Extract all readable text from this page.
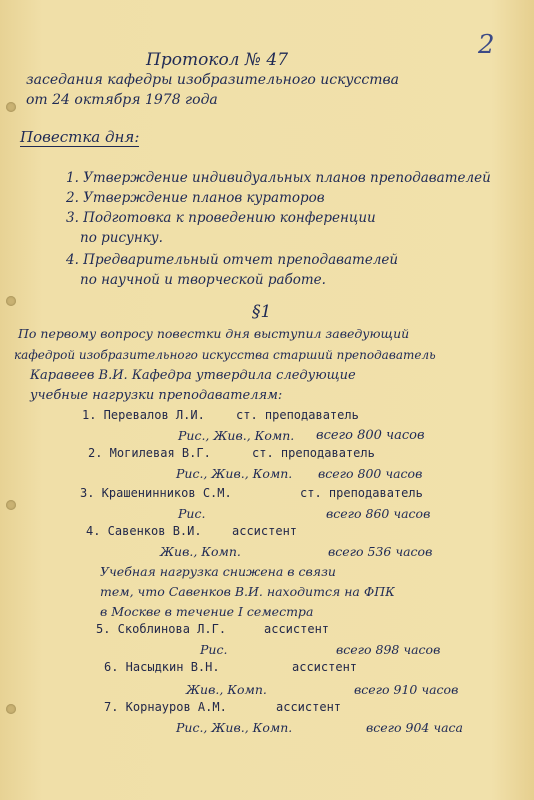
2
Протокол № 47
заседания кафедры изобразительного искусства
от 24 октября 1978 года
Повестка дня:
1. Утверждение индивидуальных планов преподавателей
2. Утверждение планов кураторов
3. Подготовка к проведению конференции
по рисунку.
4. Предварительный отчет преподавателей
по научной и творческой работе.
§1
По первому вопросу повестки дня выступил заведующий
кафедрой изобразительного искусства старший преподаватель
Каравеев В.И. Кафедра утвердила следующие
учебные нагрузки преподавателям:
1. Перевалов Л.И.	ст. преподаватель
Рис., Жив., Комп. всего 800 часов
2. Могилевая В.Г.	ст. преподаватель
Рис., Жив., Комп. всего 800 часов
3. Крашенинников С.М.	ст. преподаватель
Рис.	всего 860 часов
4. Савенков В.И.	ассистент
Жив., Комп.	всего 536 часов
Учебная нагрузка снижена в связи
тем, что Савенков В.И. находится на ФПК
в Москве в течение I семестра
5. Скоблинова Л.Г.	ассистент
Рис.	всего 898 часов
6. Насыдкин В.Н.	ассистент
Жив., Комп.	всего 910 часов
7. Корнауров А.М.	ассистент
Рис., Жив., Комп.	всего 904 часа
